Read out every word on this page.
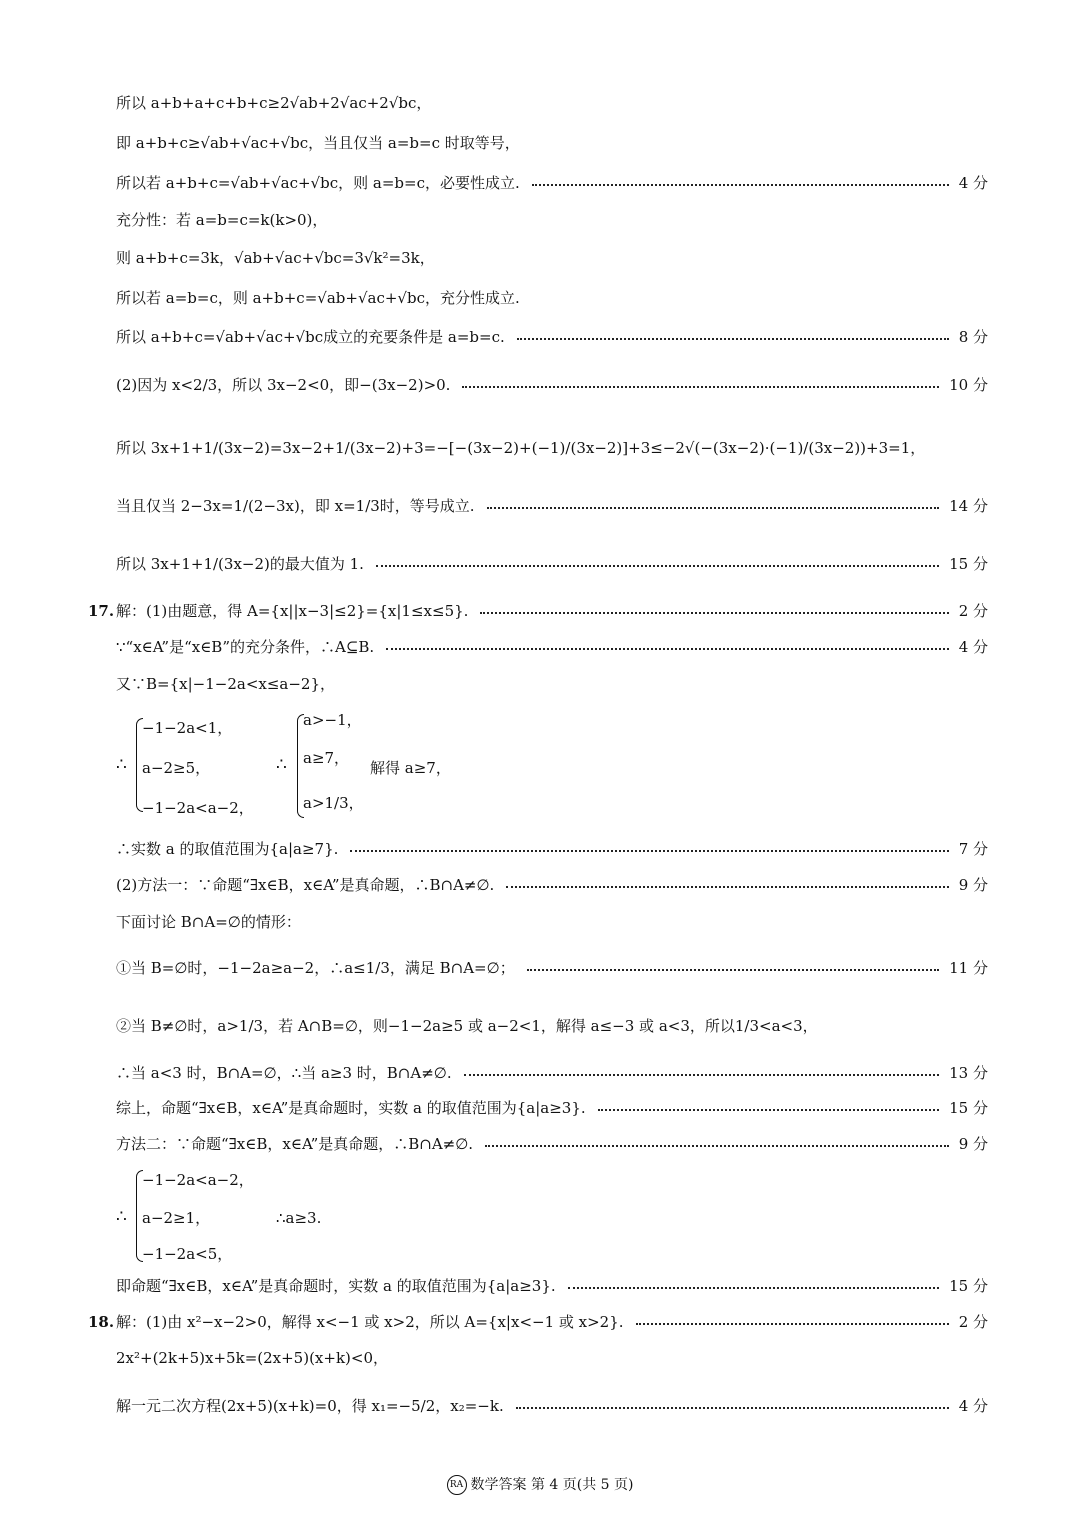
所以 a+b+a+c+b+c≥2√ab+2√ac+2√bc，
即 a+b+c≥√ab+√ac+√bc，当且仅当 a=b=c 时取等号，
所以若 a+b+c=√ab+√ac+√bc，则 a=b=c，必要性成立.	4 分
充分性：若 a=b=c=k(k>0)，
则 a+b+c=3k，√ab+√ac+√bc=3√k²=3k，
所以若 a=b=c，则 a+b+c=√ab+√ac+√bc，充分性成立.
所以 a+b+c=√ab+√ac+√bc成立的充要条件是 a=b=c.	8 分
(2)因为 x<2/3，所以 3x−2<0，即−(3x−2)>0.	10 分
所以 3x+1+1/(3x−2)=3x−2+1/(3x−2)+3=−[−(3x−2)+(−1)/(3x−2)]+3≤−2√(−(3x−2)·(−1)/(3x−2))+3=1，
当且仅当 2−3x=1/(2−3x)，即 x=1/3时，等号成立.	14 分
所以 3x+1+1/(3x−2)的最大值为 1.	15 分
17. 解：(1)由题意，得 A={x||x−3|≤2}={x|1≤x≤5}.	2 分
∵“x∈A”是“x∈B”的充分条件，∴A⊆B.	4 分
又∵B={x|−1−2a<x≤a−2}，
∴
−1−2a<1，
a−2≥5，
−1−2a<a−2，
∴
a>−1，
a≥7，
a>1/3，
解得 a≥7，
∴实数 a 的取值范围为{a|a≥7}.	7 分
(2)方法一：∵命题“∃x∈B，x∈A”是真命题，∴B∩A≠∅.	9 分
下面讨论 B∩A=∅的情形：
①当 B=∅时，−1−2a≥a−2，∴a≤1/3，满足 B∩A=∅；	11 分
②当 B≠∅时，a>1/3，若 A∩B=∅，则−1−2a≥5 或 a−2<1，解得 a≤−3 或 a<3，所以1/3<a<3，
∴当 a<3 时，B∩A=∅，∴当 a≥3 时，B∩A≠∅.	13 分
综上，命题“∃x∈B，x∈A”是真命题时，实数 a 的取值范围为{a|a≥3}.	15 分
方法二：∵命题“∃x∈B，x∈A”是真命题，∴B∩A≠∅.	9 分
∴
−1−2a<a−2，
a−2≥1，
−1−2a<5，
∴a≥3.
即命题“∃x∈B，x∈A”是真命题时，实数 a 的取值范围为{a|a≥3}.	15 分
18. 解：(1)由 x²−x−2>0，解得 x<−1 或 x>2，所以 A={x|x<−1 或 x>2}.	2 分
2x²+(2k+5)x+5k=(2x+5)(x+k)<0，
解一元二次方程(2x+5)(x+k)=0，得 x₁=−5/2，x₂=−k.	4 分
RA 数学答案 第 4 页(共 5 页)
